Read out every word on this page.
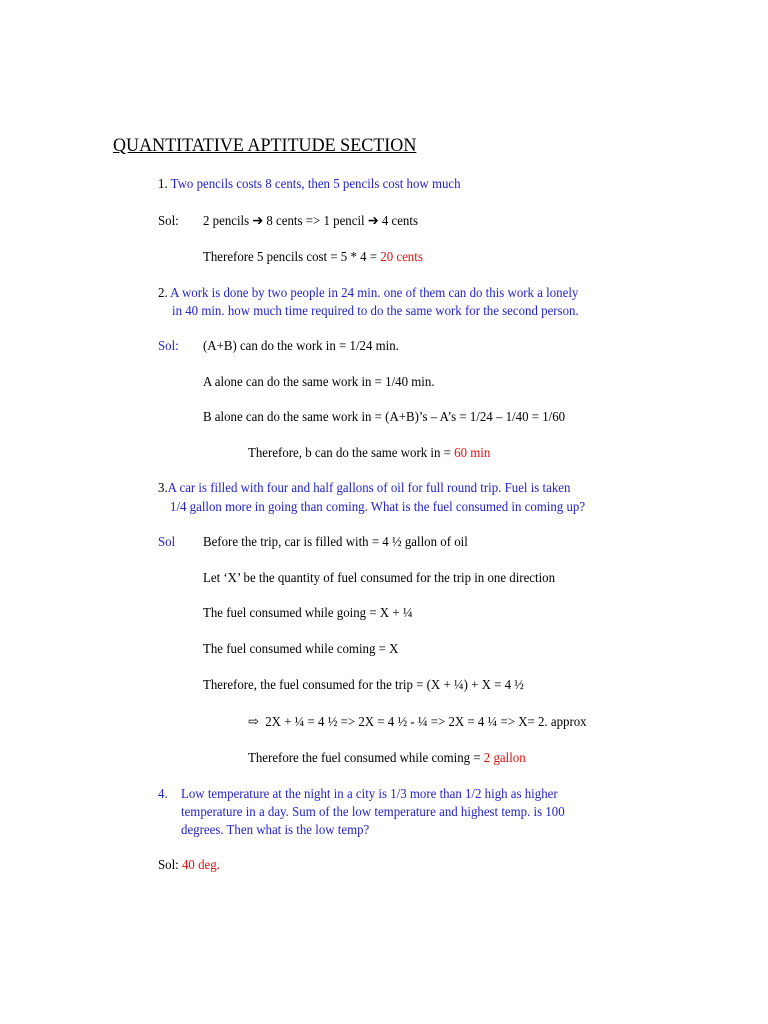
QUANTITATIVE APTITUDE SECTION
1. Two pencils costs 8 cents, then 5 pencils cost how much
Sol: 2 pencils ➔ 8 cents => 1 pencil ➔ 4 cents
Therefore 5 pencils cost = 5 * 4 = 20 cents
2. A work is done by two people in 24 min. one of them can do this work a lonely
in 40 min. how much time required to do the same work for the second person.
Sol: (A+B) can do the work in = 1/24 min.
A alone can do the same work in = 1/40 min.
B alone can do the same work in = (A+B)’s – A’s = 1/24 – 1/40 = 1/60
Therefore, b can do the same work in = 60 min
3.A car is filled with four and half gallons of oil for full round trip. Fuel is taken
1/4 gallon more in going than coming. What is the fuel consumed in coming up?
Sol Before the trip, car is filled with = 4 ½ gallon of oil
Let ‘X’ be the quantity of fuel consumed for the trip in one direction
The fuel consumed while going = X + ¼
The fuel consumed while coming = X
Therefore, the fuel consumed for the trip = (X + ¼) + X = 4 ½
⇨ 2X + ¼ = 4 ½ => 2X = 4 ½ - ¼ => 2X = 4 ¼ => X= 2. approx
Therefore the fuel consumed while coming = 2 gallon
4. Low temperature at the night in a city is 1/3 more than 1/2 high as higher
temperature in a day. Sum of the low temperature and highest temp. is 100
degrees. Then what is the low temp?
Sol: 40 deg.
